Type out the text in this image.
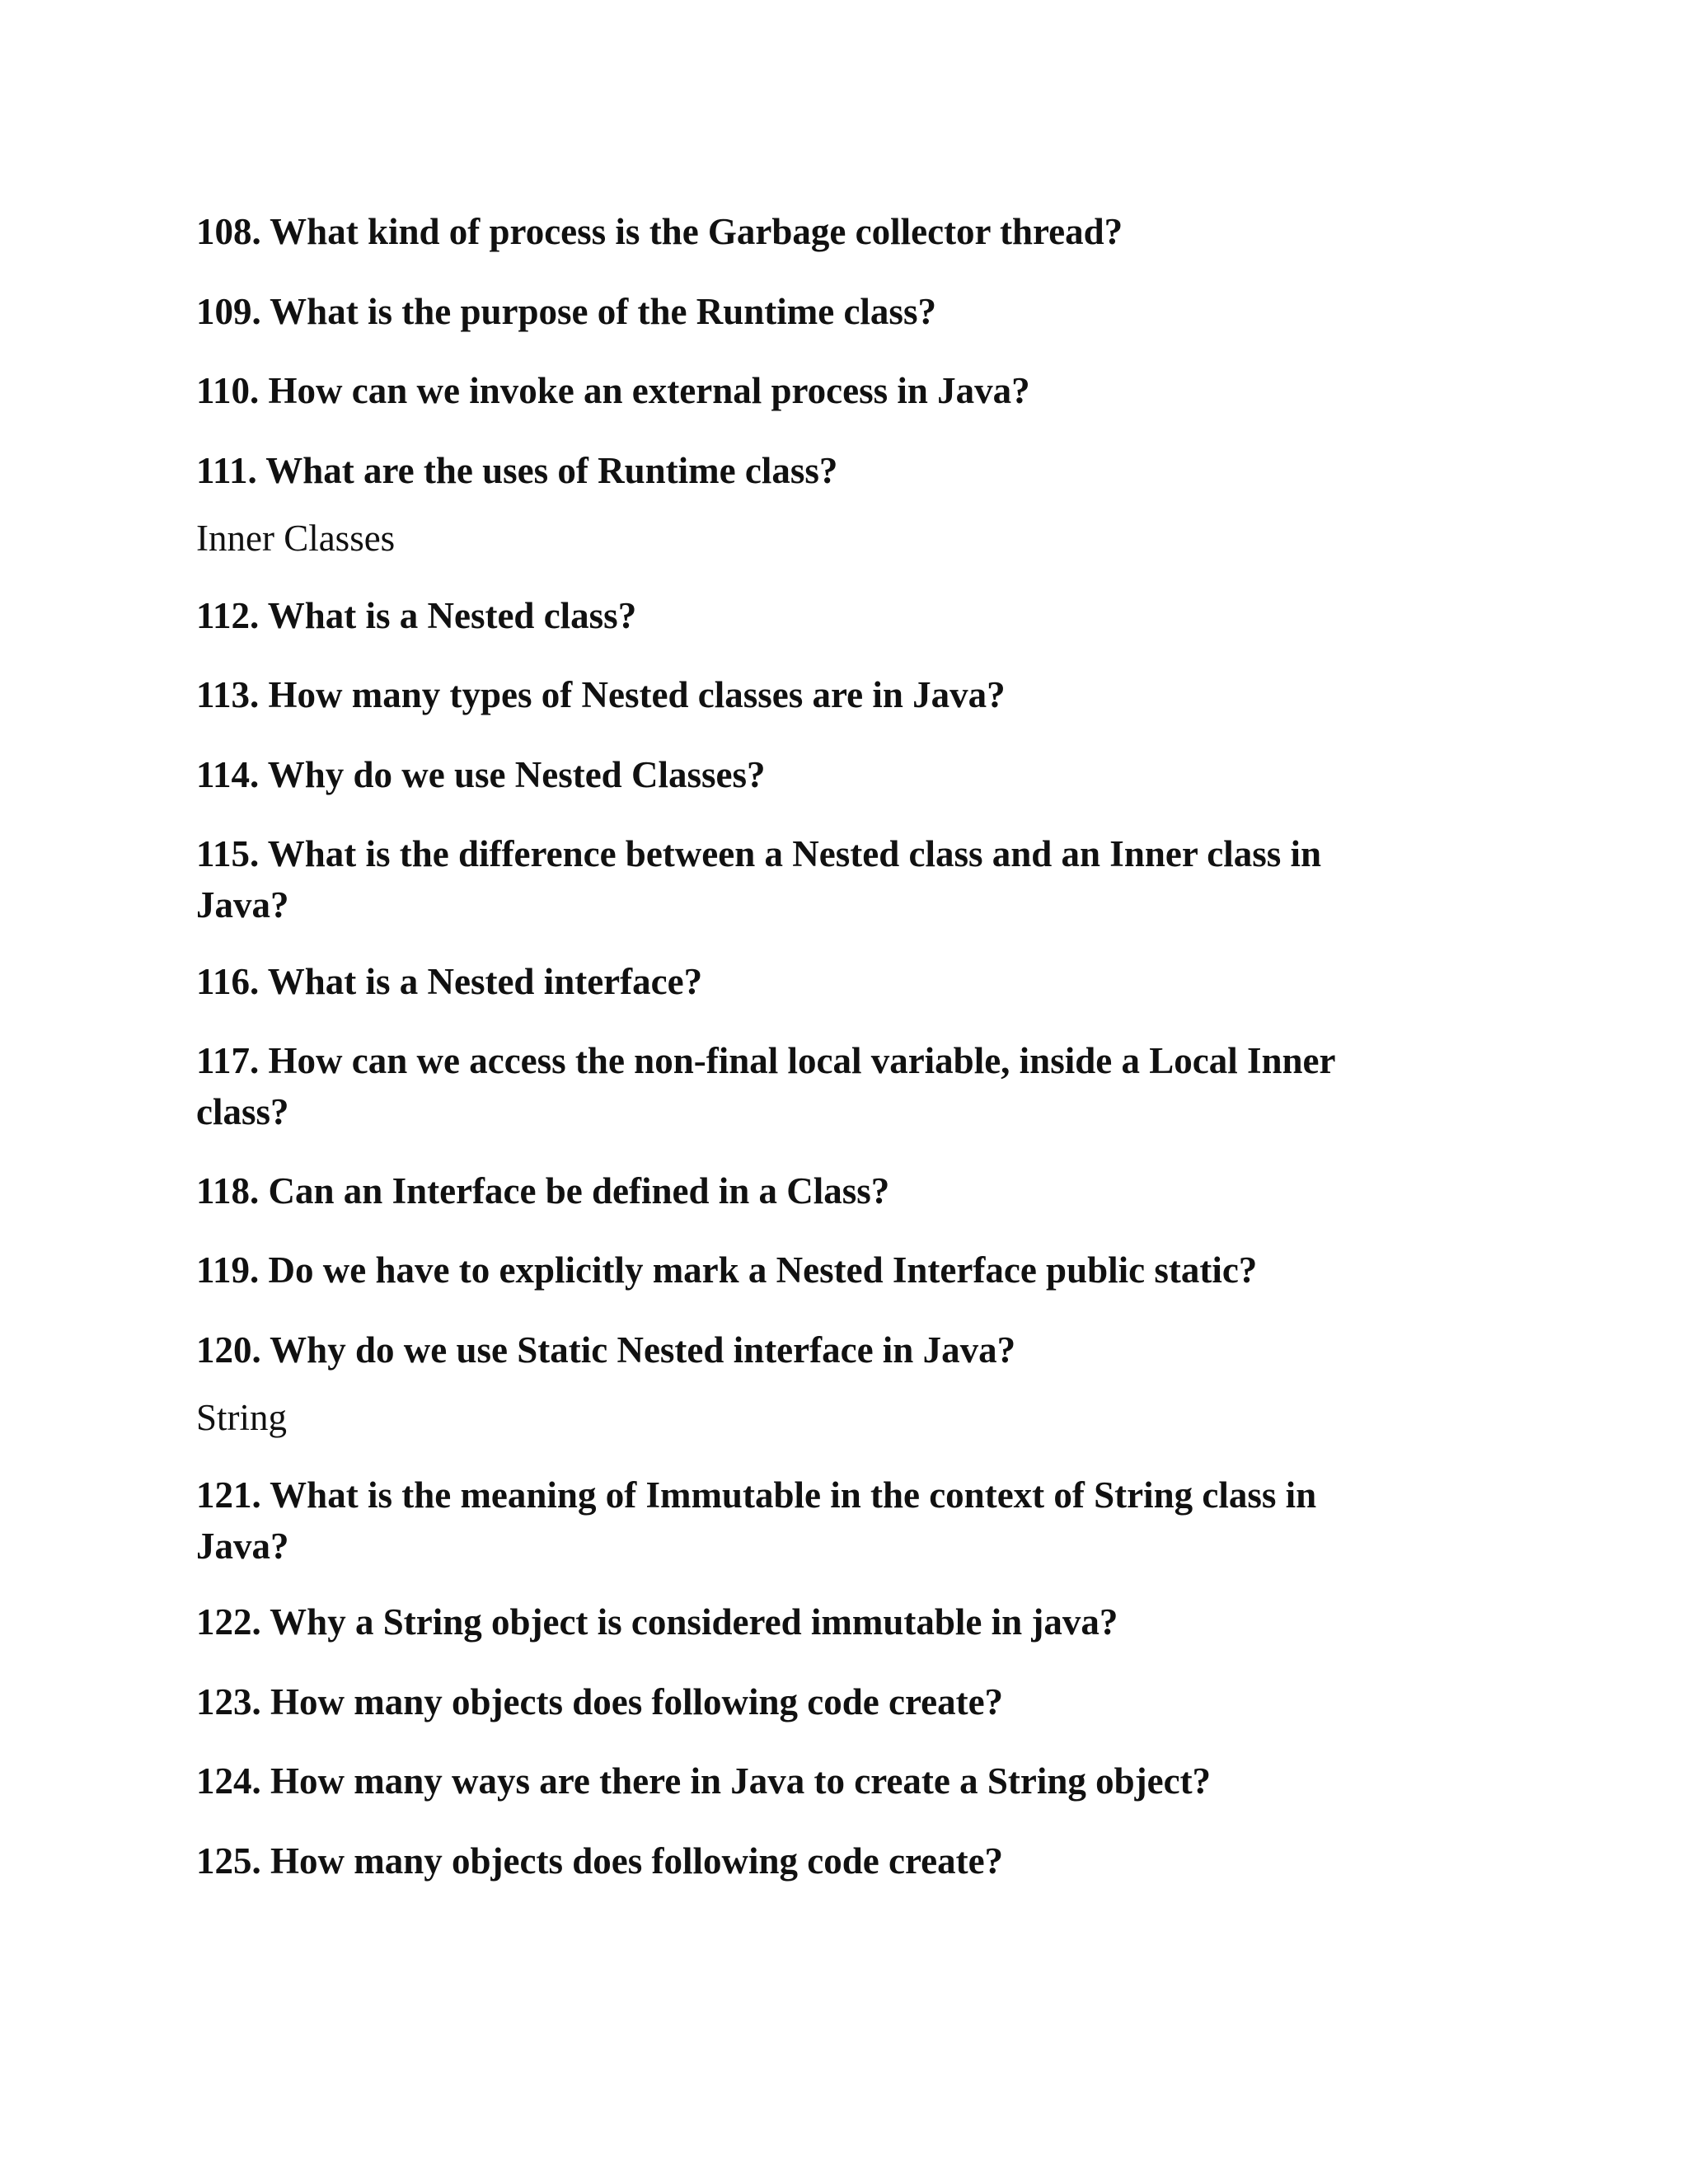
108. What kind of process is the Garbage collector thread?

109. What is the purpose of the Runtime class?

110. How can we invoke an external process in Java?

111. What are the uses of Runtime class?

Inner Classes

112. What is a Nested class?

113. How many types of Nested classes are in Java?

114. Why do we use Nested Classes?

115. What is the difference between a Nested class and an Inner class in

Java?

116. What is a Nested interface?

117. How can we access the non-final local variable, inside a Local Inner

class?

118. Can an Interface be defined in a Class?

119. Do we have to explicitly mark a Nested Interface public static?

120. Why do we use Static Nested interface in Java?

String

121. What is the meaning of Immutable in the context of String class in

Java?

122. Why a String object is considered immutable in java?

123. How many objects does following code create?

124. How many ways are there in Java to create a String object?

125. How many objects does following code create?
